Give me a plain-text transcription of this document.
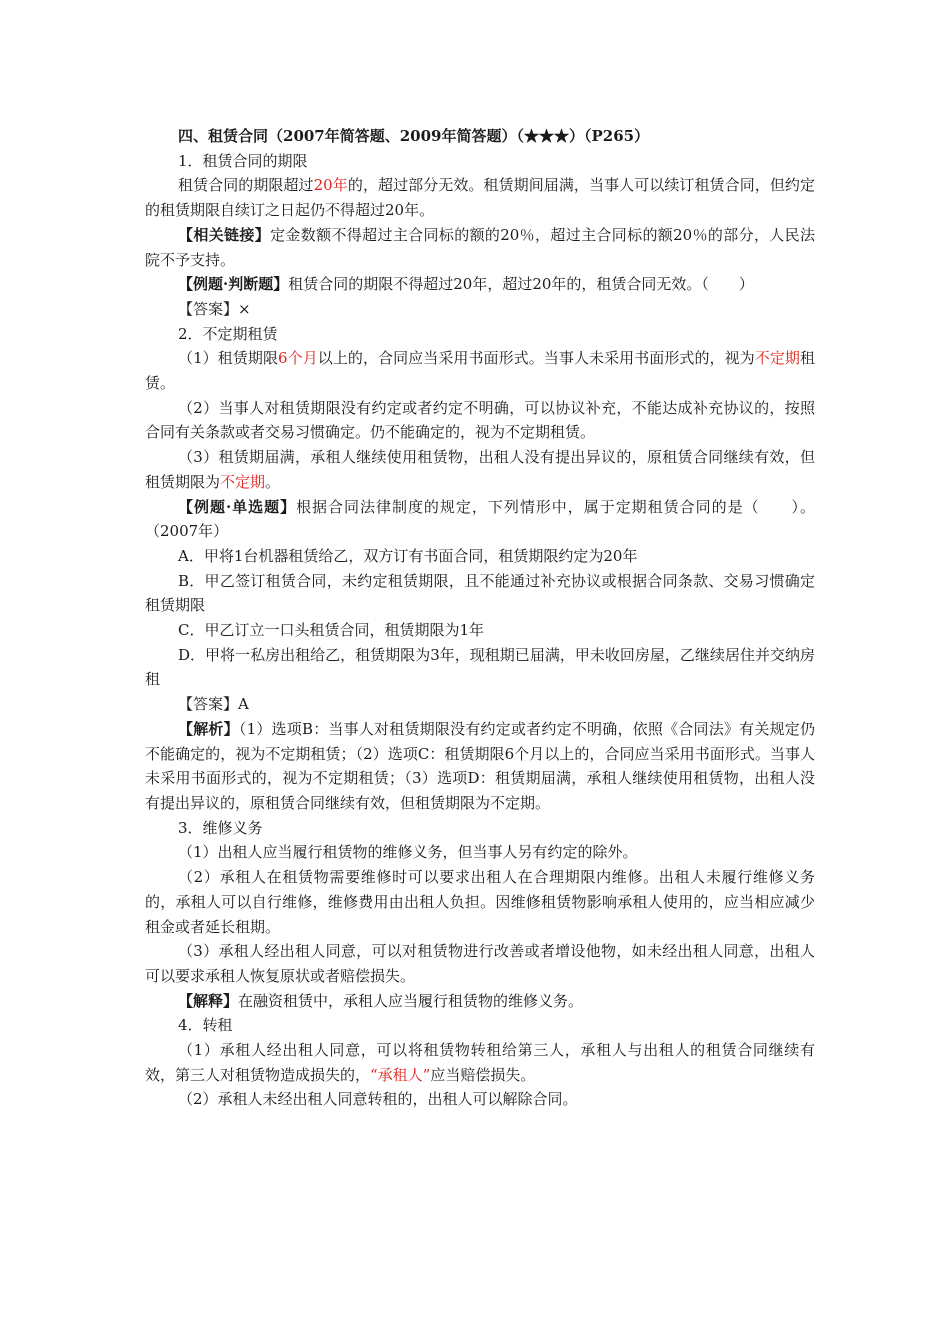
四、租赁合同（2007年简答题、2009年简答题）（★★★）（P265）

1．租赁合同的期限

租赁合同的期限超过20年的，超过部分无效。租赁期间届满，当事人可以续订租赁合同，但约定的租赁期限自续订之日起仍不得超过20年。

【相关链接】定金数额不得超过主合同标的额的20％，超过主合同标的额20％的部分，人民法院不予支持。

【例题·判断题】租赁合同的期限不得超过20年，超过20年的，租赁合同无效。（　　）

【答案】×

2．不定期租赁

（1）租赁期限6个月以上的，合同应当采用书面形式。当事人未采用书面形式的，视为不定期租赁。

（2）当事人对租赁期限没有约定或者约定不明确，可以协议补充，不能达成补充协议的，按照合同有关条款或者交易习惯确定。仍不能确定的，视为不定期租赁。

（3）租赁期届满，承租人继续使用租赁物，出租人没有提出异议的，原租赁合同继续有效，但租赁期限为不定期。

【例题·单选题】根据合同法律制度的规定，下列情形中，属于定期租赁合同的是（　　）。（2007年）

A．甲将1台机器租赁给乙，双方订有书面合同，租赁期限约定为20年

B．甲乙签订租赁合同，未约定租赁期限，且不能通过补充协议或根据合同条款、交易习惯确定租赁期限

C．甲乙订立一口头租赁合同，租赁期限为1年

D．甲将一私房出租给乙，租赁期限为3年，现租期已届满，甲未收回房屋，乙继续居住并交纳房租

【答案】A

【解析】（1）选项B：当事人对租赁期限没有约定或者约定不明确，依照《合同法》有关规定仍不能确定的，视为不定期租赁；（2）选项C：租赁期限6个月以上的，合同应当采用书面形式。当事人未采用书面形式的，视为不定期租赁；（3）选项D：租赁期届满，承租人继续使用租赁物，出租人没有提出异议的，原租赁合同继续有效，但租赁期限为不定期。

3．维修义务

（1）出租人应当履行租赁物的维修义务，但当事人另有约定的除外。

（2）承租人在租赁物需要维修时可以要求出租人在合理期限内维修。出租人未履行维修义务的，承租人可以自行维修，维修费用由出租人负担。因维修租赁物影响承租人使用的，应当相应减少租金或者延长租期。

（3）承租人经出租人同意，可以对租赁物进行改善或者增设他物，如未经出租人同意，出租人可以要求承租人恢复原状或者赔偿损失。

【解释】在融资租赁中，承租人应当履行租赁物的维修义务。

4．转租

（1）承租人经出租人同意，可以将租赁物转租给第三人，承租人与出租人的租赁合同继续有效，第三人对租赁物造成损失的，“承租人”应当赔偿损失。

（2）承租人未经出租人同意转租的，出租人可以解除合同。
